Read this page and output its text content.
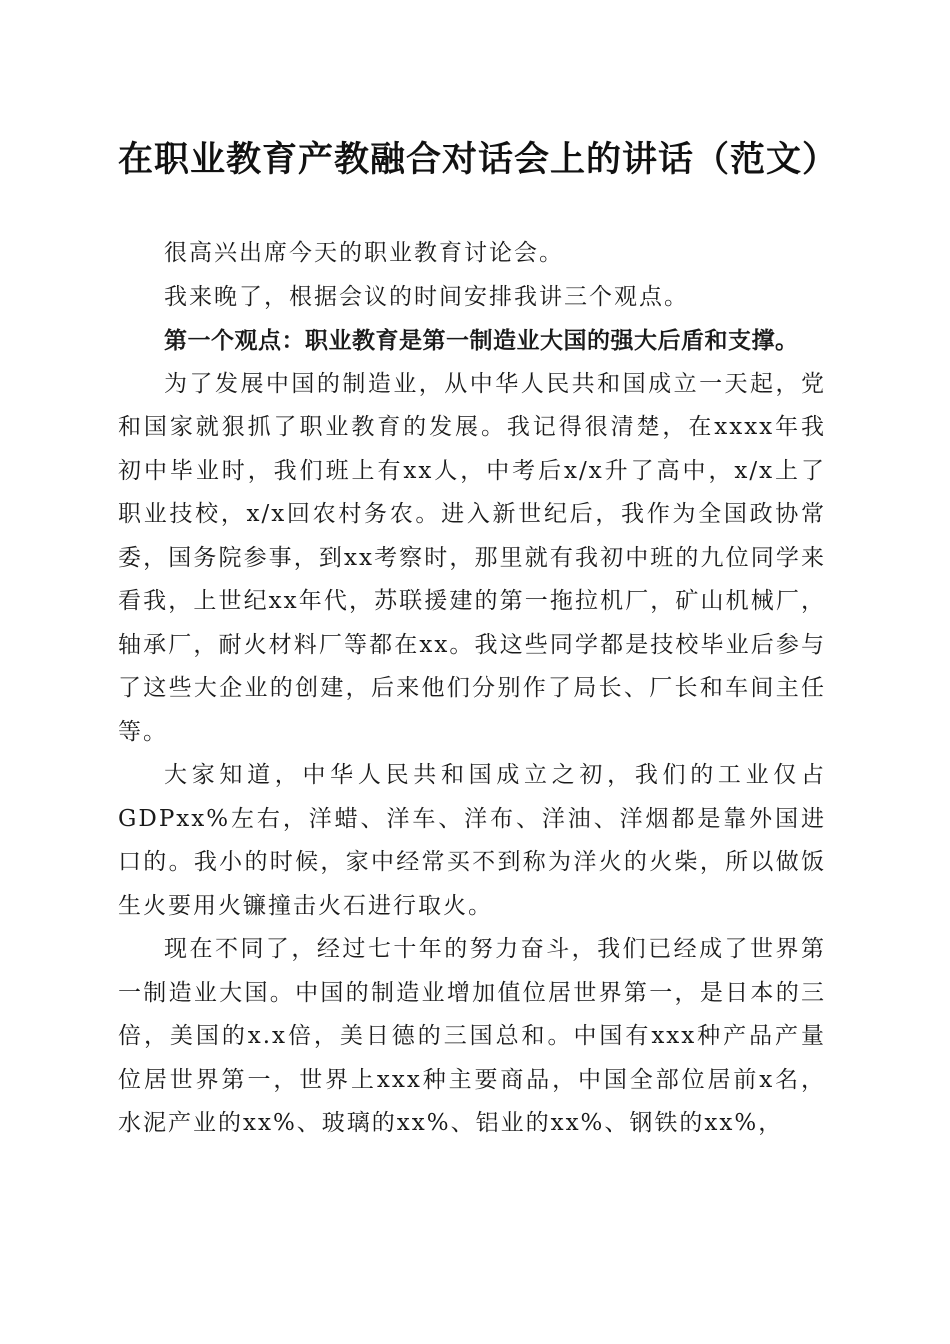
在职业教育产教融合对话会上的讲话（范文）

很高兴出席今天的职业教育讨论会。

我来晚了，根据会议的时间安排我讲三个观点。

第一个观点：职业教育是第一制造业大国的强大后盾和支撑。

为了发展中国的制造业，从中华人民共和国成立一天起，党和国家就狠抓了职业教育的发展。我记得很清楚，在xxxx年我初中毕业时，我们班上有xx人，中考后x/x升了高中，x/x上了职业技校，x/x回农村务农。进入新世纪后，我作为全国政协常委，国务院参事，到xx考察时，那里就有我初中班的九位同学来看我，上世纪xx年代，苏联援建的第一拖拉机厂，矿山机械厂，轴承厂，耐火材料厂等都在xx。我这些同学都是技校毕业后参与了这些大企业的创建，后来他们分别作了局长、厂长和车间主任等。

大家知道，中华人民共和国成立之初，我们的工业仅占GDPxx%左右，洋蜡、洋车、洋布、洋油、洋烟都是靠外国进口的。我小的时候，家中经常买不到称为洋火的火柴，所以做饭生火要用火镰撞击火石进行取火。

现在不同了，经过七十年的努力奋斗，我们已经成了世界第一制造业大国。中国的制造业增加值位居世界第一，是日本的三倍，美国的x.x倍，美日德的三国总和。中国有xxx种产品产量位居世界第一，世界上xxx种主要商品，中国全部位居前x名，水泥产业的xx%、玻璃的xx%、铝业的xx%、钢铁的xx%，
